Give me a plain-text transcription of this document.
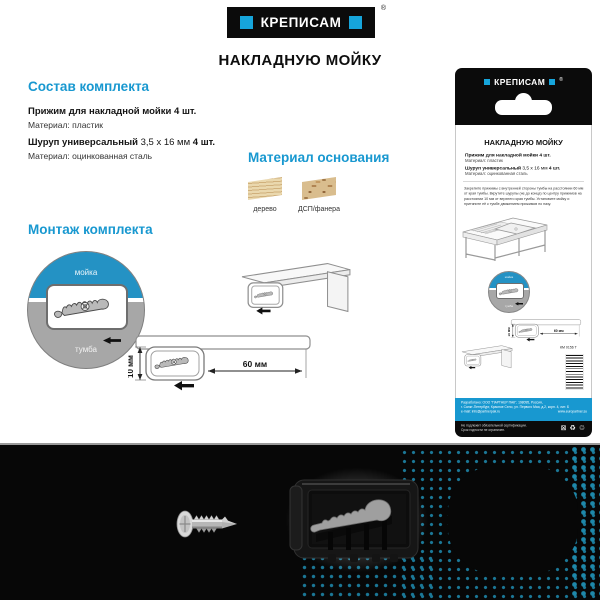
КРЕПИСАМ
®
НАКЛАДНУЮ МОЙКУ
Состав комплекта
Прижим для накладной мойки 4 шт.
Материал: пластик
Шуруп универсальный 3,5 х 16 мм 4 шт.
Материал: оцинкованная сталь	Материал основания
дерево	ДСП/фанера
Монтаж комплекта
мойка
тумба
КРЕПИСАМ	®
НАКЛАДНУЮ МОЙКУ
Прижим для накладной мойки 4 шт.
Материал: пластик
Шуруп универсальный 3,5 х 16 мм 4 шт.
Материал: оцинкованная сталь
Закрепите прижимы с внутренней стороны тумбы на расстоянии 60 мм от края тумбы. Вкрутите шурупы (не до конца) по центру прижимов на расстоянии 10 мм от верхнего края тумбы. Установите мойку и притяните её к тумбе движением прижимов по пазу.
мойка
тумба
КМ 0156 Т
Разработано: ООО "ПАРТНЕР ПАК", 198095, Россия,
г. Санкт-Петербург, Красное Село, ул. Первого Мая, д.2, корп. 4, лит. Б
e-mail: info@partnerpak.ru	www.europartner.su
Не подлежит обязательной сертификации.
Срок годности не ограничен.	⊠ ♻ ♲
